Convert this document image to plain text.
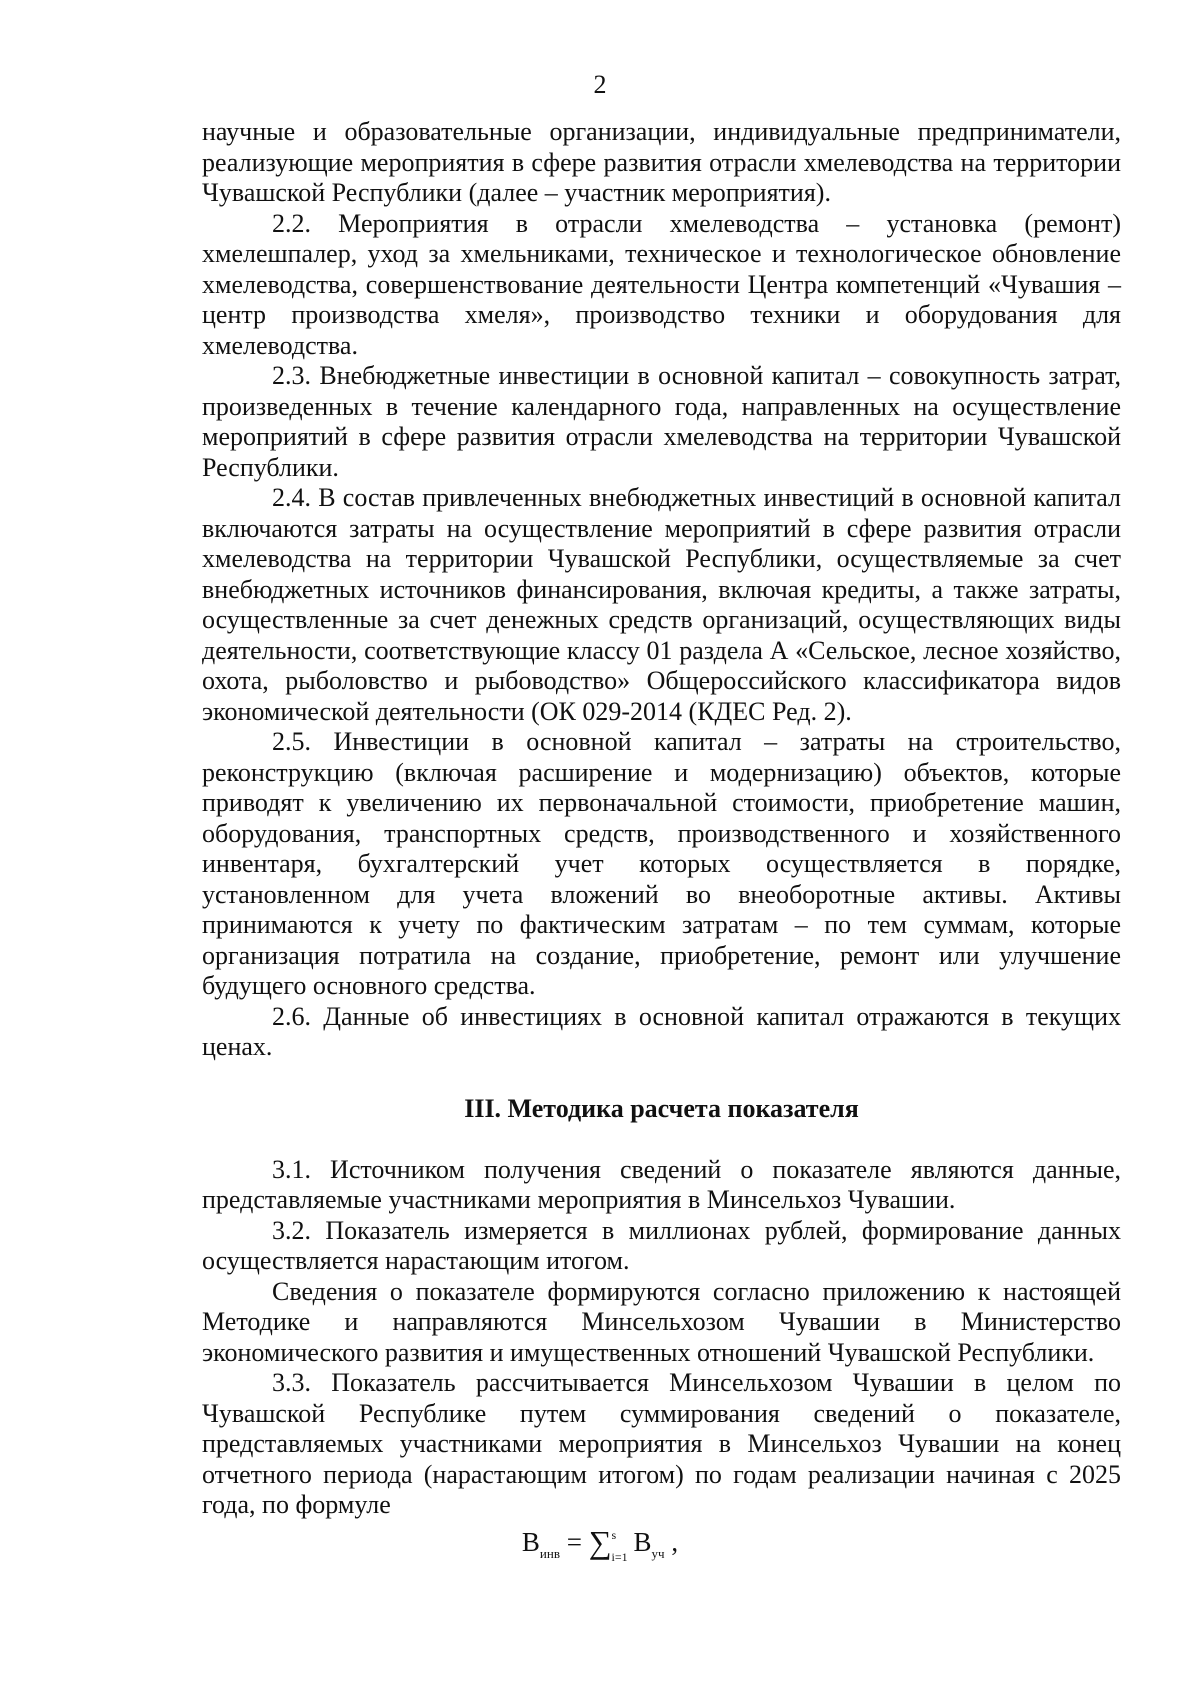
2

научные и образовательные организации, индивидуальные предприниматели, реализующие мероприятия в сфере развития отрасли хмелеводства на территории Чувашской Республики (далее – участник мероприятия).

2.2. Мероприятия в отрасли хмелеводства – установка (ремонт) хмелешпалер, уход за хмельниками, техническое и технологическое обновление хмелеводства, совершенствование деятельности Центра компетенций «Чувашия – центр производства хмеля», производство техники и оборудования для хмелеводства.

2.3. Внебюджетные инвестиции в основной капитал – совокупность затрат, произведенных в течение календарного года, направленных на осуществление мероприятий в сфере развития отрасли хмелеводства на территории Чувашской Республики.

2.4. В состав привлеченных внебюджетных инвестиций в основной капитал включаются затраты на осуществление мероприятий в сфере развития отрасли хмелеводства на территории Чувашской Республики, осуществляемые за счет внебюджетных источников финансирования, включая кредиты, а также затраты, осуществленные за счет денежных средств организаций, осуществляющих виды деятельности, соответствующие классу 01 раздела А «Сельское, лесное хозяйство, охота, рыболовство и рыбоводство» Общероссийского классификатора видов экономической деятельности (ОК 029-2014 (КДЕС Ред. 2).

2.5. Инвестиции в основной капитал – затраты на строительство, реконструкцию (включая расширение и модернизацию) объектов, которые приводят к увеличению их первоначальной стоимости, приобретение машин, оборудования, транспортных средств, производственного и хозяйственного инвентаря, бухгалтерский учет которых осуществляется в порядке, установленном для учета вложений во внеоборотные активы. Активы принимаются к учету по фактическим затратам – по тем суммам, которые организация потратила на создание, приобретение, ремонт или улучшение будущего основного средства.

2.6. Данные об инвестициях в основной капитал отражаются в текущих ценах.

III. Методика расчета показателя

3.1. Источником получения сведений о показателе являются данные, представляемые участниками мероприятия в Минсельхоз Чувашии.

3.2. Показатель измеряется в миллионах рублей, формирование данных осуществляется нарастающим итогом.

Сведения о показателе формируются согласно приложению к настоящей Методике и направляются Минсельхозом Чувашии в Министерство экономического развития и имущественных отношений Чувашской Республики.

3.3. Показатель рассчитывается Минсельхозом Чувашии в целом по Чувашской Республике путем суммирования сведений о показателе, представляемых участниками мероприятия в Минсельхоз Чувашии на конец отчетного периода (нарастающим итогом) по годам реализации начиная с 2025 года, по формуле

$В_{инв}$ = ∑ s
i=1 $В_{уч}$ ,
